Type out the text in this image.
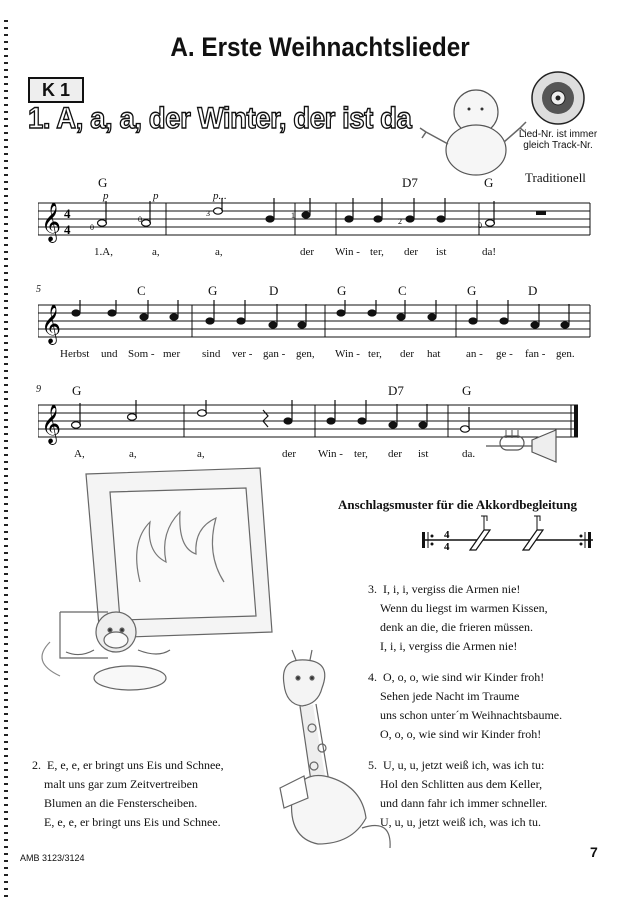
A. Erste Weihnachtslieder
K 1
1. A, a, a, der Winter, der ist da	Lied-Nr. ist immer
gleich Track-Nr.
Traditionell
𝄞 4
4 0
0
3	1
2	0
G	D7	G
p	p	p...
1.A,	a,	a,	der Win - ter, der ist	da!
5
𝄞
C	G	D	G	C	G	D
Herbst und Som - mer sind ver - gan - gen, Win - ter, der hat an - ge - fan - gen.
9
𝄞
G	D7	G
A,	a,	a,	der Win - ter, der ist	da.
Anschlagsmuster für die Akkordbegleitung
4
4
3. I, i, i, vergiss die Armen nie!
Wenn du liegst im warmen Kissen,
denk an die, die frieren müssen.
I, i, i, vergiss die Armen nie!
4. O, o, o, wie sind wir Kinder froh!
Sehen jede Nacht im Traume
uns schon unter´m Weihnachtsbaume.
O, o, o, wie sind wir Kinder froh!
2. E, e, e, er bringt uns Eis und Schnee,
malt uns gar zum Zeitvertreiben
Blumen an die Fensterscheiben.
E, e, e, er bringt uns Eis und Schnee.
5. U, u, u, jetzt weiß ich, was ich tu:
Hol den Schlitten aus dem Keller,
und dann fahr ich immer schneller.
U, u, u, jetzt weiß ich, was ich tu.
AMB 3123/3124	7
